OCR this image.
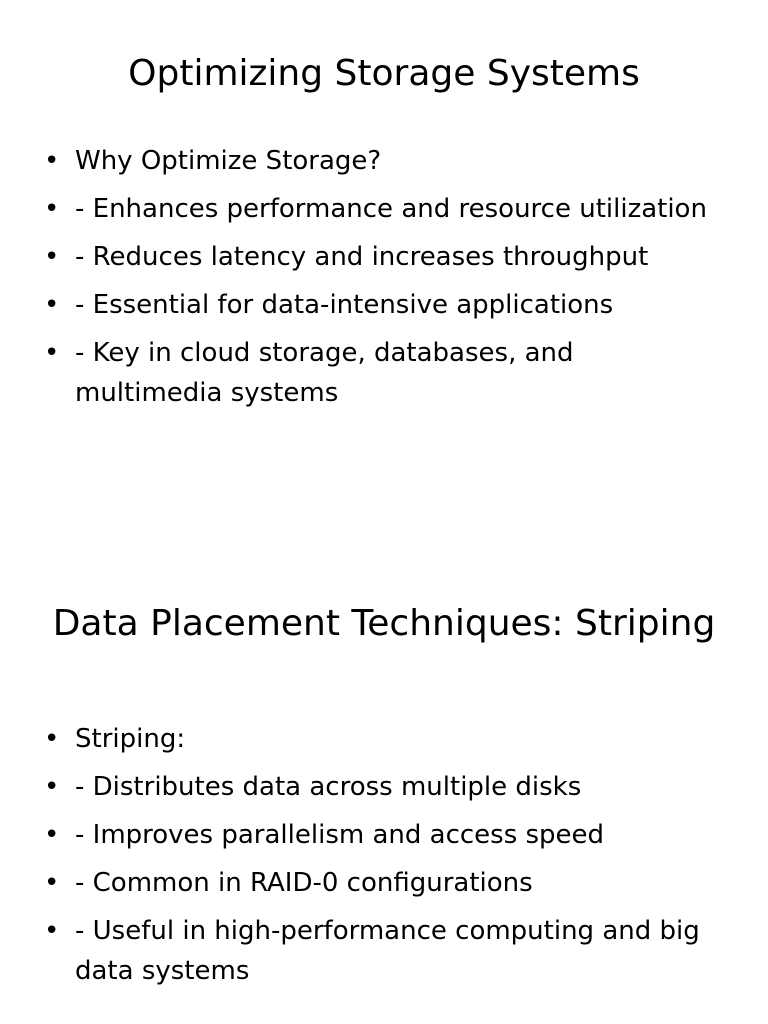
Optimizing Storage Systems
• Why Optimize Storage?
• - Enhances performance and resource utilization
• - Reduces latency and increases throughput
• - Essential for data-intensive applications
• - Key in cloud storage, databases, and multimedia systems
Data Placement Techniques: Striping
• Striping:
• - Distributes data across multiple disks
• - Improves parallelism and access speed
• - Common in RAID-0 configurations
• - Useful in high-performance computing and big data systems
